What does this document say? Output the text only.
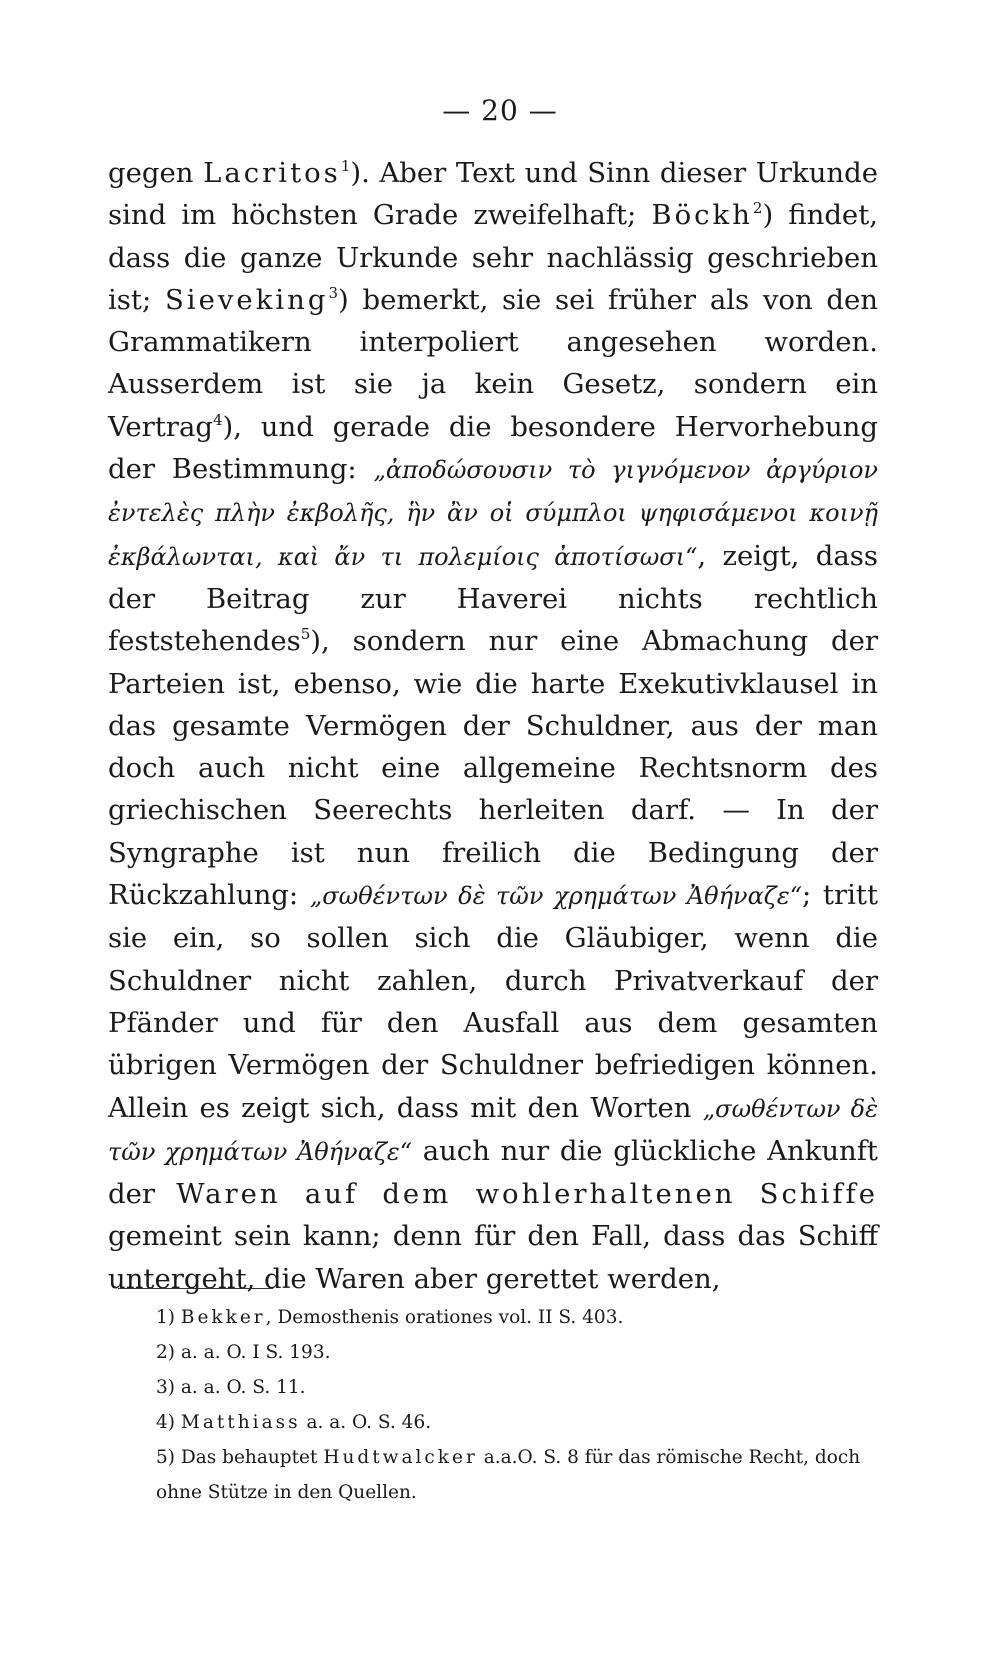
— 20 —

gegen Lacritos$^1$). Aber Text und Sinn dieser Urkunde sind im höchsten Grade zweifelhaft; Böckh$^2$) findet, dass die ganze Urkunde sehr nachlässig geschrieben ist; Sieveking$^3$) bemerkt, sie sei früher als von den Grammatikern interpoliert angesehen worden. Ausserdem ist sie ja kein Gesetz, sondern ein Vertrag$^4$), und gerade die besondere Hervorhebung der Bestimmung: „ἀποδώσουσιν τὸ γιγνόμενον ἀργύριον ἐντελὲς πλὴν ἐκβολῆς, ἣν ἂν οἱ σύμπλοι ψηφισάμενοι κοινῇ ἐκβάλωνται, καὶ ἄν τι πολεμίοις ἀποτίσωσι“, zeigt, dass der Beitrag zur Haverei nichts rechtlich feststehendes$^5$), sondern nur eine Abmachung der Parteien ist, ebenso, wie die harte Exekutivklausel in das gesamte Vermögen der Schuldner, aus der man doch auch nicht eine allgemeine Rechtsnorm des griechischen Seerechts herleiten darf. — In der Syngraphe ist nun freilich die Bedingung der Rückzahlung: „σωθέντων δὲ τῶν χρημάτων Ἀθήναζε“; tritt sie ein, so sollen sich die Gläubiger, wenn die Schuldner nicht zahlen, durch Privatverkauf der Pfänder und für den Ausfall aus dem gesamten übrigen Vermögen der Schuldner befriedigen können. Allein es zeigt sich, dass mit den Worten „σωθέντων δὲ τῶν χρημάτων Ἀθήναζε“ auch nur die glückliche Ankunft der Waren auf dem wohlerhaltenen Schiffe gemeint sein kann; denn für den Fall, dass das Schiff untergeht, die Waren aber gerettet werden,

1) Bekker, Demosthenis orationes vol. II S. 403.

2) a. a. O. I S. 193.

3) a. a. O. S. 11.

4) Matthiass a. a. O. S. 46.

5) Das behauptet Hudtwalcker a.a.O. S. 8 für das römische Recht, doch ohne Stütze in den Quellen.
